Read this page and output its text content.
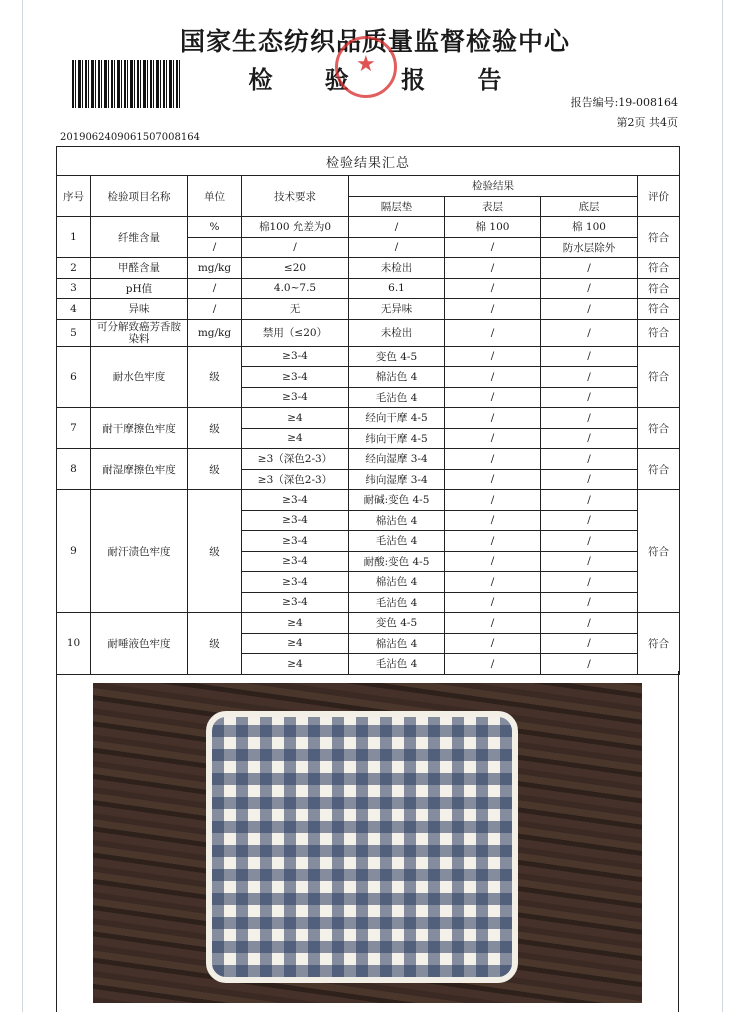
国家生态纺织品质量监督检验中心
检 验 报 告
★
报告编号:19-008164
第2页 共4页
2019062409061507008164
检验结果汇总							
序号	检验项目名称	单位	技术要求	检验结果			评价
				隔层垫	表层	底层	
1	纤维含量	%	棉100 允差为0	/	棉 100	棉 100	符合
		/	/	/	/	防水层除外	
2	甲醛含量	mg/kg	≤20	未检出	/	/	符合
3	pH值	/	4.0~7.5	6.1	/	/	符合
4	异味	/	无	无异味	/	/	符合
5	可分解致癌芳香胺染料	mg/kg	禁用（≤20）	未检出	/	/	符合
6	耐水色牢度	级	≥3-4	变色 4-5	/	/	符合
			≥3-4	棉沾色 4	/	/	
			≥3-4	毛沾色 4	/	/	
7	耐干摩擦色牢度	级	≥4	经向干摩 4-5	/	/	符合
			≥4	纬向干摩 4-5	/	/	
8	耐湿摩擦色牢度	级	≥3（深色2-3）	经向湿摩 3-4	/	/	符合
			≥3（深色2-3）	纬向湿摩 3-4	/	/	
9	耐汗渍色牢度	级	≥3-4	耐碱:变色 4-5	/	/	符合
			≥3-4	棉沾色 4	/	/	
			≥3-4	毛沾色 4	/	/	
			≥3-4	耐酸:变色 4-5	/	/	
			≥3-4	棉沾色 4	/	/	
			≥3-4	毛沾色 4	/	/	
10	耐唾液色牢度	级	≥4	变色 4-5	/	/	符合
			≥4	棉沾色 4	/	/	
			≥4	毛沾色 4	/	/	
